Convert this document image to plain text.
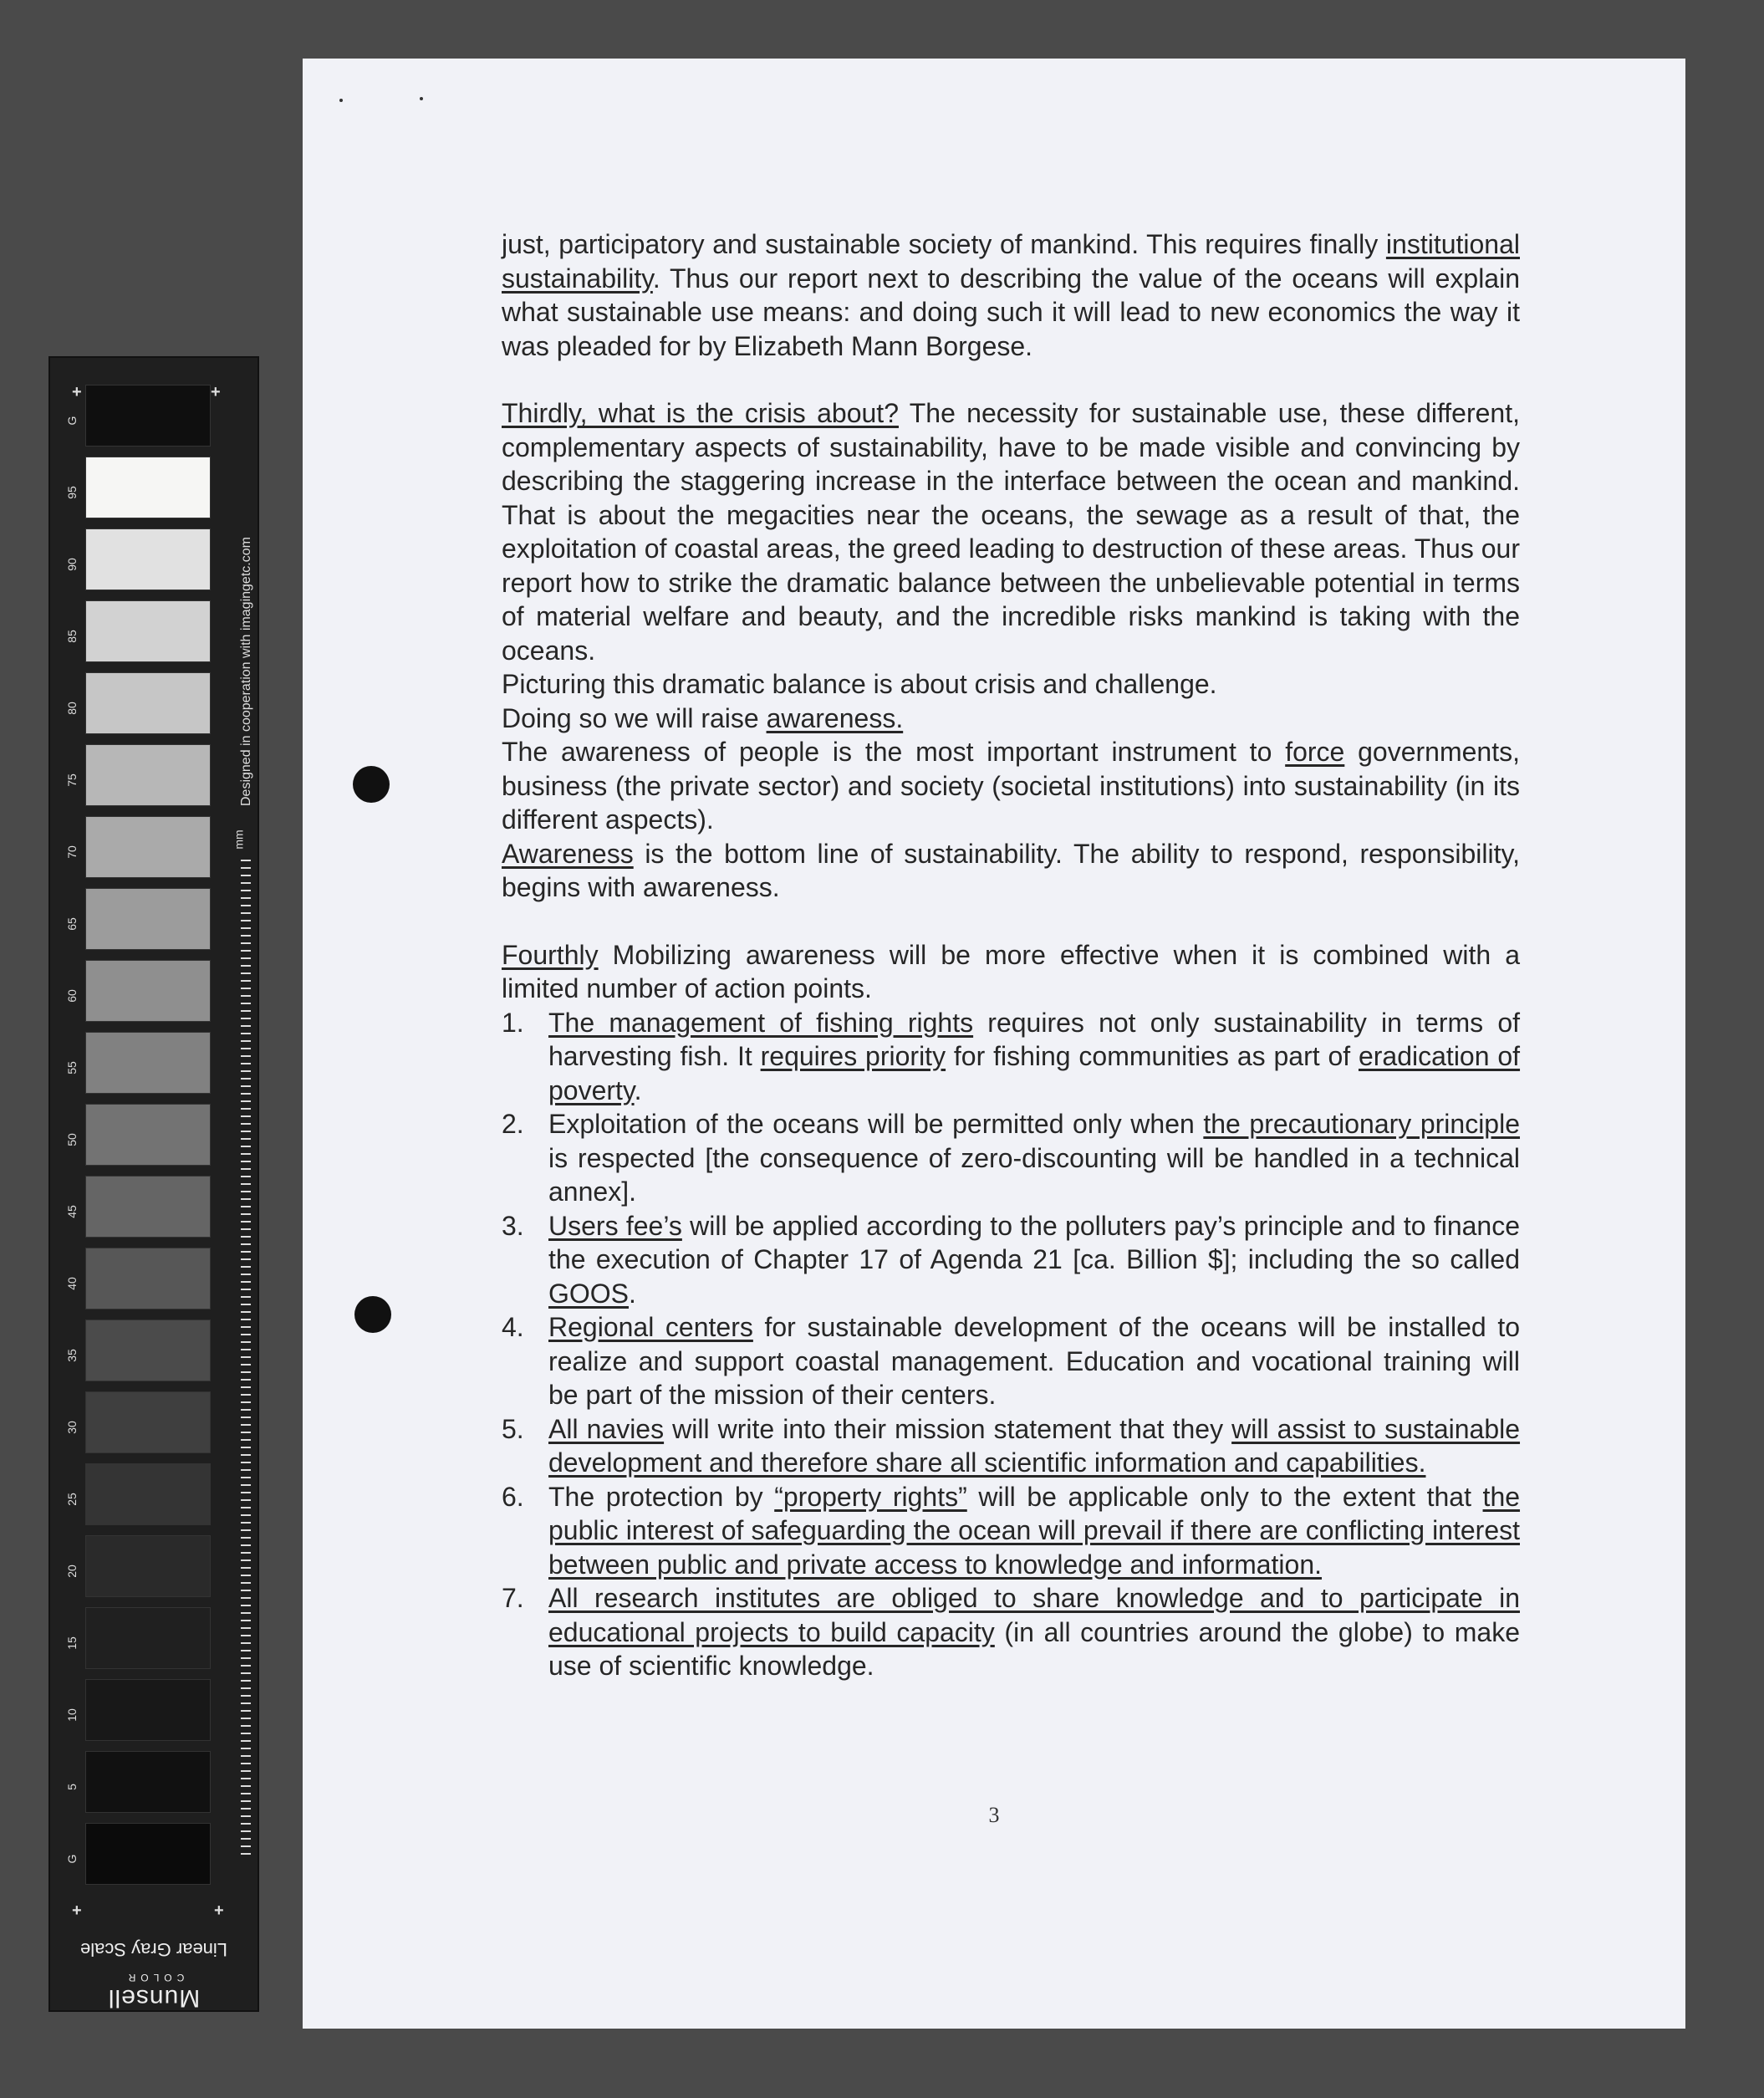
+	+
G
95
90
85
80
75
70
65
60
55
50
45
40
35
30
25
20
15
10
5
G
mm
Designed in cooperation with imagingetc.com
+	+
Linear Gray Scale
Munsell
COLOR

just, participatory and sustainable society of mankind. This requires finally institutional sustainability. Thus our report next to describing the value of the oceans will explain what sustainable use means: and doing such it will lead to new economics the way it was pleaded for by Elizabeth Mann Borgese.

Thirdly, what is the crisis about? The necessity for sustainable use, these different, complementary aspects of sustainability, have to be made visible and convincing by describing the staggering increase in the interface between the ocean and mankind. That is about the megacities near the oceans, the sewage as a result of that, the exploitation of coastal areas, the greed leading to destruction of these areas. Thus our report how to strike the dramatic balance between the unbelievable potential in terms of material welfare and beauty, and the incredible risks mankind is taking with the oceans.

Picturing this dramatic balance is about crisis and challenge.

Doing so we will raise awareness.

The awareness of people is the most important instrument to force governments, business (the private sector) and society (societal institutions) into sustainability (in its different aspects).

Awareness is the bottom line of sustainability. The ability to respond, responsibility, begins with awareness.

Fourthly Mobilizing awareness will be more effective when it is combined with a limited number of action points.

1. The management of fishing rights requires not only sustainability in terms of harvesting fish. It requires priority for fishing communities as part of eradication of poverty.
2. Exploitation of the oceans will be permitted only when the precautionary principle is respected [the consequence of zero-discounting will be handled in a technical annex].
3. Users fee’s will be applied according to the polluters pay’s principle and to finance the execution of Chapter 17 of Agenda 21 [ca. Billion $]; including the so called GOOS.
4. Regional centers for sustainable development of the oceans will be installed to realize and support coastal management. Education and vocational training will be part of the mission of their centers.
5. All navies will write into their mission statement that they will assist to sustainable development and therefore share all scientific information and capabilities.
6. The protection by “property rights” will be applicable only to the extent that the public interest of safeguarding the ocean will prevail if there are conflicting interest between public and private access to knowledge and information.
7. All research institutes are obliged to share knowledge and to participate in educational projects to build capacity (in all countries around the globe) to make use of scientific knowledge.
3
